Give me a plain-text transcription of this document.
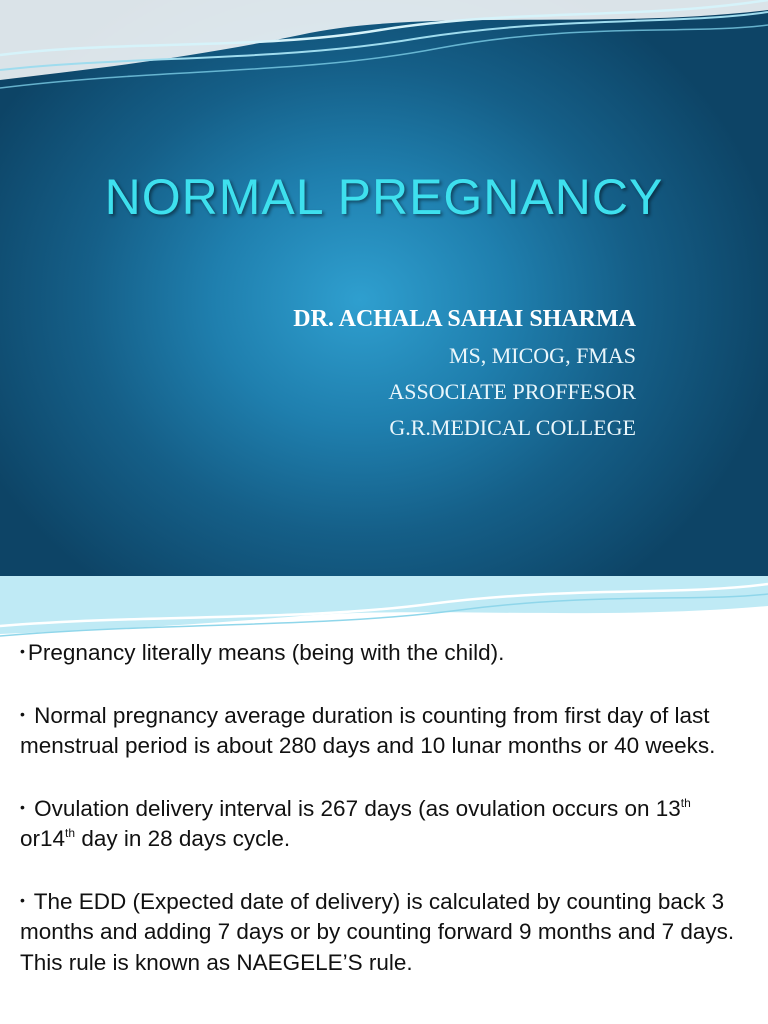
NORMAL PREGNANCY
DR. ACHALA SAHAI SHARMA
MS, MICOG, FMAS
ASSOCIATE PROFFESOR
G.R.MEDICAL COLLEGE
• Pregnancy literally means (being with the child).
• Normal pregnancy average duration is counting from first day of last menstrual period is about 280 days and 10 lunar months or 40 weeks.
• Ovulation delivery interval is 267 days (as ovulation occurs on 13th or14th day in 28 days cycle.
• The EDD (Expected date of delivery) is calculated by counting back 3 months and adding 7 days or by counting forward 9 months and 7 days. This rule is known as NAEGELE’S rule.
